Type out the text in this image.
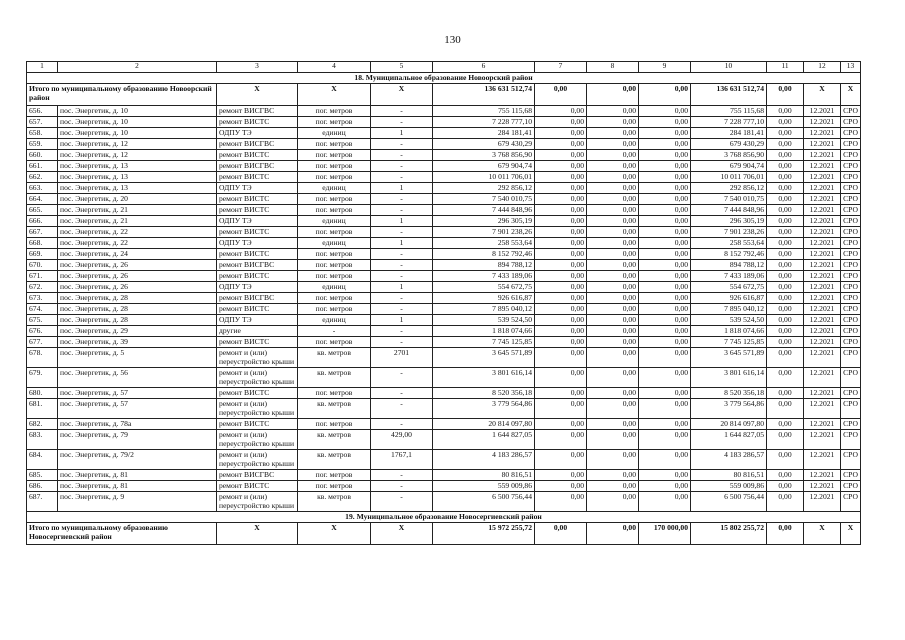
130
1	2	3	4	5	6	7	8	9	10	11	12	13
18. Муниципальное образование Новоорский район												
Итого по муниципальному образованию Новоорский район		X	X	X	136 631 512,74	0,00	0,00	0,00	136 631 512,74	0,00	X	X
656.	пос. Энергетик, д. 10	ремонт ВИСГВС	пог. метров	-	755 115,68	0,00	0,00	0,00	755 115,68	0,00	12.2021	СРО
657.	пос. Энергетик, д. 10	ремонт ВИСТС	пог. метров	-	7 228 777,10	0,00	0,00	0,00	7 228 777,10	0,00	12.2021	СРО
658.	пос. Энергетик, д. 10	ОДПУ ТЭ	единиц	1	284 181,41	0,00	0,00	0,00	284 181,41	0,00	12.2021	СРО
659.	пос. Энергетик, д. 12	ремонт ВИСГВС	пог. метров	-	679 430,29	0,00	0,00	0,00	679 430,29	0,00	12.2021	СРО
660.	пос. Энергетик, д. 12	ремонт ВИСТС	пог. метров	-	3 768 856,90	0,00	0,00	0,00	3 768 856,90	0,00	12.2021	СРО
661.	пос. Энергетик, д. 13	ремонт ВИСГВС	пог. метров	-	679 904,74	0,00	0,00	0,00	679 904,74	0,00	12.2021	СРО
662.	пос. Энергетик, д. 13	ремонт ВИСТС	пог. метров	-	10 011 706,01	0,00	0,00	0,00	10 011 706,01	0,00	12.2021	СРО
663.	пос. Энергетик, д. 13	ОДПУ ТЭ	единиц	1	292 856,12	0,00	0,00	0,00	292 856,12	0,00	12.2021	СРО
664.	пос. Энергетик, д. 20	ремонт ВИСТС	пог. метров	-	7 540 010,75	0,00	0,00	0,00	7 540 010,75	0,00	12.2021	СРО
665.	пос. Энергетик, д. 21	ремонт ВИСТС	пог. метров	-	7 444 848,96	0,00	0,00	0,00	7 444 848,96	0,00	12.2021	СРО
666.	пос. Энергетик, д. 21	ОДПУ ТЭ	единиц	1	296 305,19	0,00	0,00	0,00	296 305,19	0,00	12.2021	СРО
667.	пос. Энергетик, д. 22	ремонт ВИСТС	пог. метров	-	7 901 238,26	0,00	0,00	0,00	7 901 238,26	0,00	12.2021	СРО
668.	пос. Энергетик, д. 22	ОДПУ ТЭ	единиц	1	258 553,64	0,00	0,00	0,00	258 553,64	0,00	12.2021	СРО
669.	пос. Энергетик, д. 24	ремонт ВИСТС	пог. метров	-	8 152 792,46	0,00	0,00	0,00	8 152 792,46	0,00	12.2021	СРО
670.	пос. Энергетик, д. 26	ремонт ВИСГВС	пог. метров	-	894 788,12	0,00	0,00	0,00	894 788,12	0,00	12.2021	СРО
671.	пос. Энергетик, д. 26	ремонт ВИСТС	пог. метров	-	7 433 189,06	0,00	0,00	0,00	7 433 189,06	0,00	12.2021	СРО
672.	пос. Энергетик, д. 26	ОДПУ ТЭ	единиц	1	554 672,75	0,00	0,00	0,00	554 672,75	0,00	12.2021	СРО
673.	пос. Энергетик, д. 28	ремонт ВИСГВС	пог. метров	-	926 616,87	0,00	0,00	0,00	926 616,87	0,00	12.2021	СРО
674.	пос. Энергетик, д. 28	ремонт ВИСТС	пог. метров	-	7 895 040,12	0,00	0,00	0,00	7 895 040,12	0,00	12.2021	СРО
675.	пос. Энергетик, д. 28	ОДПУ ТЭ	единиц	1	539 524,50	0,00	0,00	0,00	539 524,50	0,00	12.2021	СРО
676.	пос. Энергетик, д. 29	другие	-	-	1 818 074,66	0,00	0,00	0,00	1 818 074,66	0,00	12.2021	СРО
677.	пос. Энергетик, д. 39	ремонт ВИСТС	пог. метров	-	7 745 125,85	0,00	0,00	0,00	7 745 125,85	0,00	12.2021	СРО
678.	пос. Энергетик, д. 5	ремонт и (или) переустройство крыши	кв. метров	2701	3 645 571,89	0,00	0,00	0,00	3 645 571,89	0,00	12.2021	СРО
679.	пос. Энергетик, д. 56	ремонт и (или) переустройство крыши	кв. метров	-	3 801 616,14	0,00	0,00	0,00	3 801 616,14	0,00	12.2021	СРО
680.	пос. Энергетик, д. 57	ремонт ВИСТС	пог. метров	-	8 520 356,18	0,00	0,00	0,00	8 520 356,18	0,00	12.2021	СРО
681.	пос. Энергетик, д. 57	ремонт и (или) переустройство крыши	кв. метров	-	3 779 564,86	0,00	0,00	0,00	3 779 564,86	0,00	12.2021	СРО
682.	пос. Энергетик, д. 78а	ремонт ВИСТС	пог. метров	-	20 814 097,80	0,00	0,00	0,00	20 814 097,80	0,00	12.2021	СРО
683.	пос. Энергетик, д. 79	ремонт и (или) переустройство крыши	кв. метров	429,00	1 644 827,05	0,00	0,00	0,00	1 644 827,05	0,00	12.2021	СРО
684.	пос. Энергетик, д. 79/2	ремонт и (или) переустройство крыши	кв. метров	1767,1	4 183 286,57	0,00	0,00	0,00	4 183 286,57	0,00	12.2021	СРО
685.	пос. Энергетик, д. 81	ремонт ВИСГВС	пог. метров	-	80 816,51	0,00	0,00	0,00	80 816,51	0,00	12.2021	СРО
686.	пос. Энергетик, д. 81	ремонт ВИСТС	пог. метров	-	559 009,86	0,00	0,00	0,00	559 009,86	0,00	12.2021	СРО
687.	пос. Энергетик, д. 9	ремонт и (или) переустройство крыши	кв. метров	-	6 500 756,44	0,00	0,00	0,00	6 500 756,44	0,00	12.2021	СРО
19. Муниципальное образование Новосергиевский район												
Итого по муниципальному образованию Новосергиевский район		X	X	X	15 972 255,72	0,00	0,00	170 000,00	15 802 255,72	0,00	X	X
